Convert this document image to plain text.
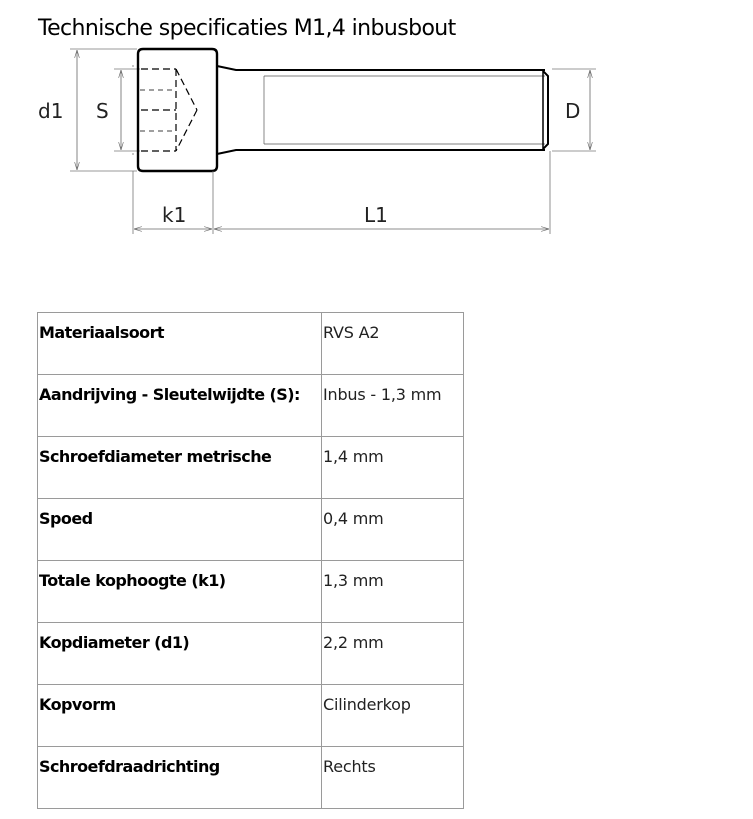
Technische specificaties M1,4 inbusbout
d1 S
k1	L1
D
Materiaalsoort	RVS A2
Aandrijving - Sleutelwijdte (S):	Inbus - 1,3 mm
Schroefdiameter metrische	1,4 mm
Spoed	0,4 mm
Totale kophoogte (k1)	1,3 mm
Kopdiameter (d1)	2,2 mm
Kopvorm	Cilinderkop
Schroefdraadrichting	Rechts
